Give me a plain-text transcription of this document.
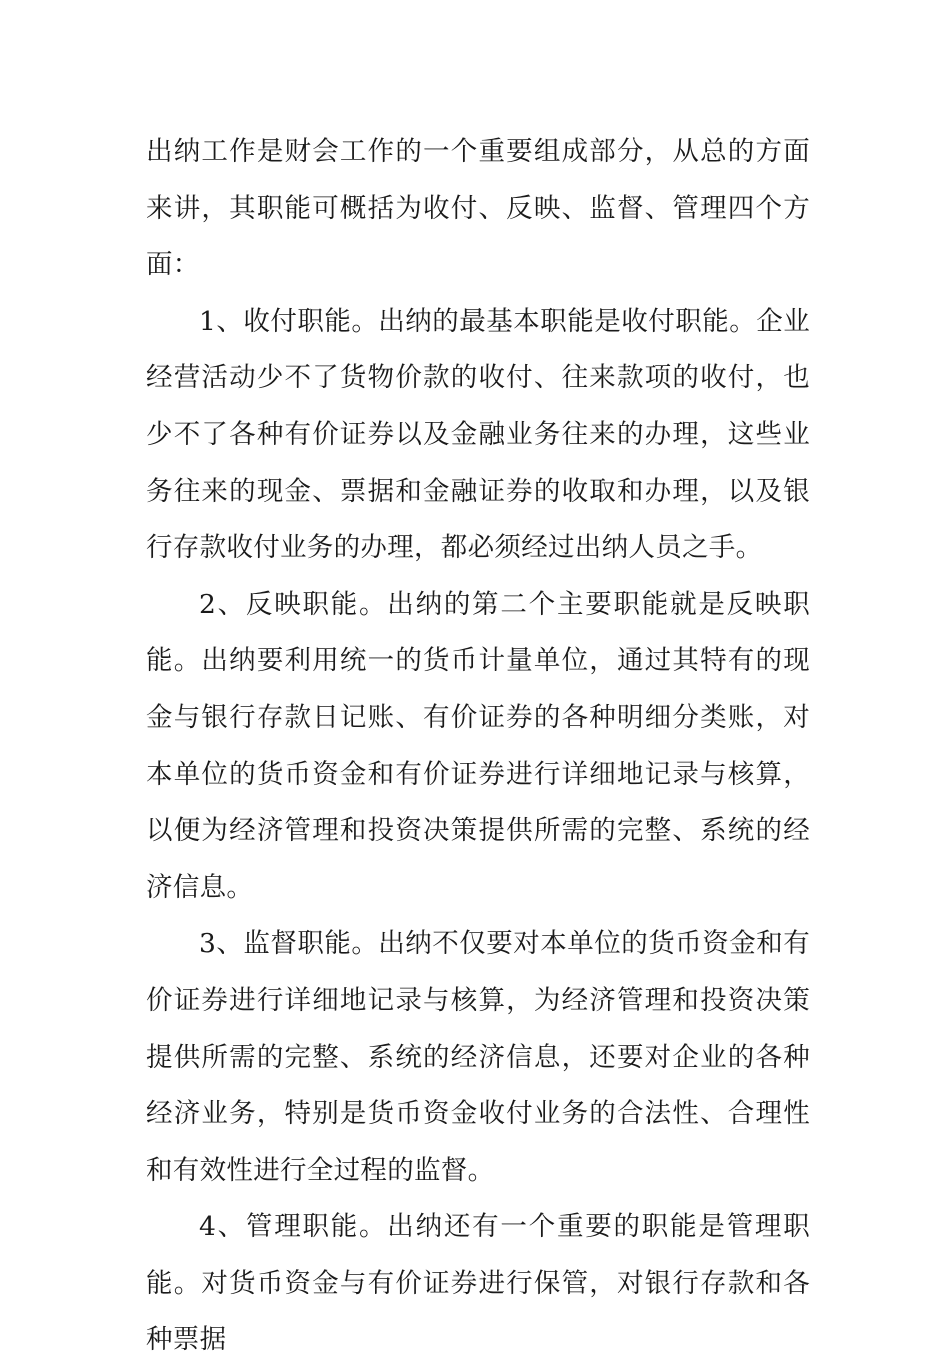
出纳工作是财会工作的一个重要组成部分，从总的方面来讲，其职能可概括为收付、反映、监督、管理四个方面：

1、收付职能。出纳的最基本职能是收付职能。企业经营活动少不了货物价款的收付、往来款项的收付，也少不了各种有价证券以及金融业务往来的办理，这些业务往来的现金、票据和金融证券的收取和办理，以及银行存款收付业务的办理，都必须经过出纳人员之手。

2、反映职能。出纳的第二个主要职能就是反映职能。出纳要利用统一的货币计量单位，通过其特有的现金与银行存款日记账、有价证券的各种明细分类账，对本单位的货币资金和有价证券进行详细地记录与核算，以便为经济管理和投资决策提供所需的完整、系统的经济信息。

3、监督职能。出纳不仅要对本单位的货币资金和有价证券进行详细地记录与核算，为经济管理和投资决策提供所需的完整、系统的经济信息，还要对企业的各种经济业务，特别是货币资金收付业务的合法性、合理性和有效性进行全过程的监督。

4、管理职能。出纳还有一个重要的职能是管理职能。对货币资金与有价证券进行保管，对银行存款和各种票据
